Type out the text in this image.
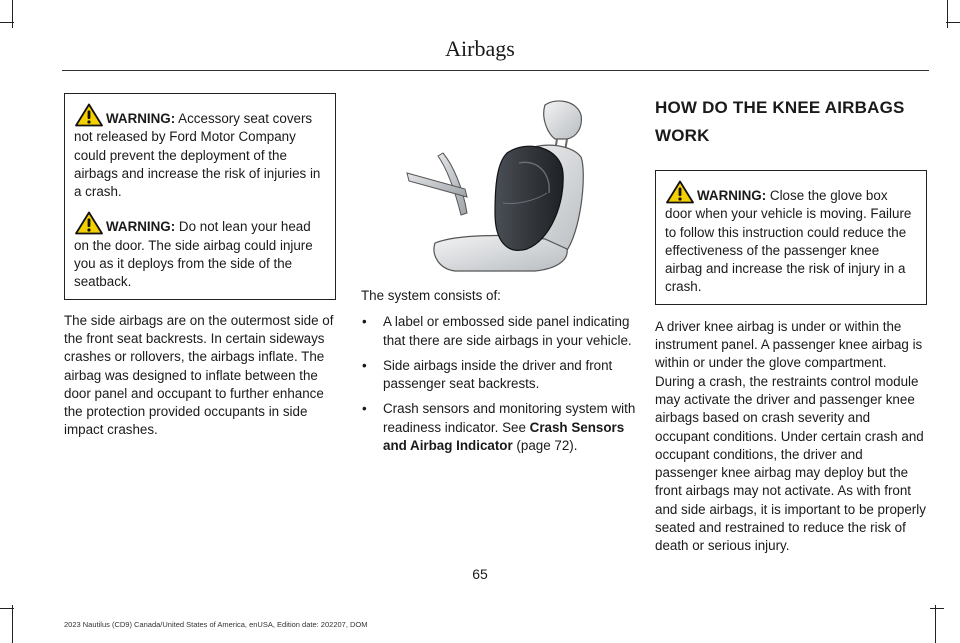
Airbags

WARNING: Accessory seat covers not released by Ford Motor Company could prevent the deployment of the airbags and increase the risk of injuries in a crash.

WARNING: Do not lean your head on the door. The side airbag could injure you as it deploys from the side of the seatback.

The side airbags are on the outermost side of the front seat backrests. In certain sideways crashes or rollovers, the airbags inflate. The airbag was designed to inflate between the door panel and occupant to further enhance the protection provided occupants in side impact crashes.

The system consists of:

• A label or embossed side panel indicating that there are side airbags in your vehicle.
• Side airbags inside the driver and front passenger seat backrests.
• Crash sensors and monitoring system with readiness indicator. See Crash Sensors and Airbag Indicator (page 72).
HOW DO THE KNEE AIRBAGS
WORK

WARNING: Close the glove box door when your vehicle is moving. Failure to follow this instruction could reduce the effectiveness of the passenger knee airbag and increase the risk of injury in a crash.

A driver knee airbag is under or within the instrument panel. A passenger knee airbag is within or under the glove compartment. During a crash, the restraints control module may activate the driver and passenger knee airbags based on crash severity and occupant conditions. Under certain crash and occupant conditions, the driver and passenger knee airbag may deploy but the front airbags may not activate. As with front and side airbags, it is important to be properly seated and restrained to reduce the risk of death or serious injury.

65
2023 Nautilus (CD9) Canada/United States of America, enUSA, Edition date: 202207, DOM
